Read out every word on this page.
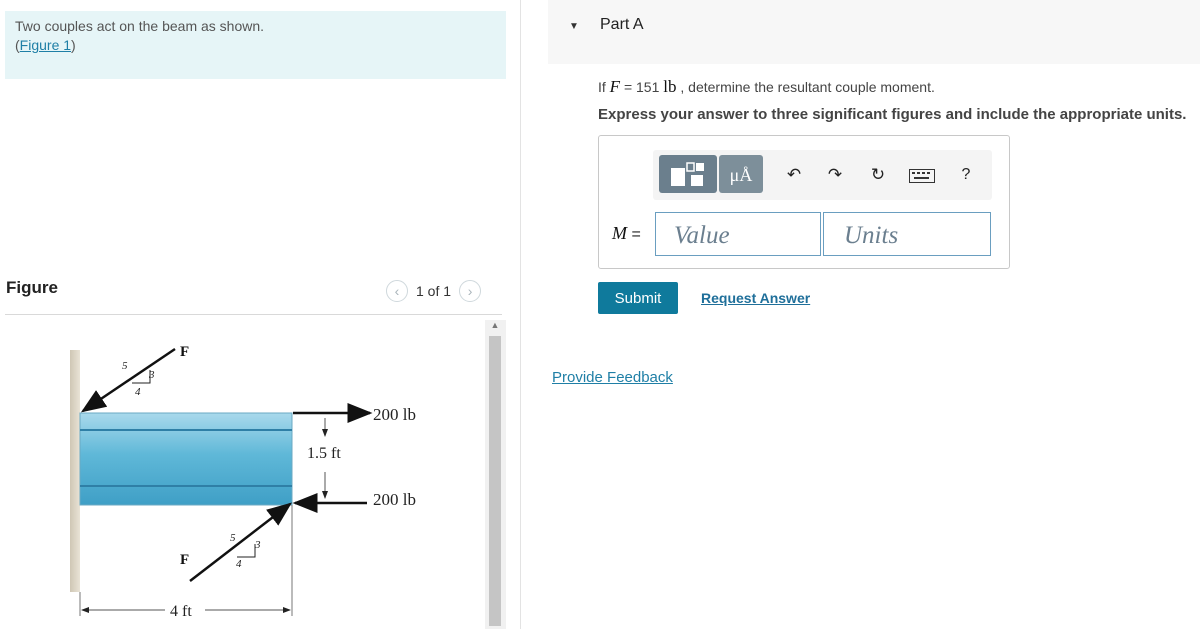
Two couples act on the beam as shown.
(Figure 1)
Figure	‹	1 of 1	›
F
5
3
4
200 lb
200 lb
1.5 ft
F
5
3
4
4 ft
▲
▼ Part A
If F = 151 lb , determine the resultant couple moment.
Express your answer to three significant figures and include the appropriate units.
μÅ	↶ ↷ ↻	?
M =
Value
Units
Submit	Request Answer
Provide Feedback
